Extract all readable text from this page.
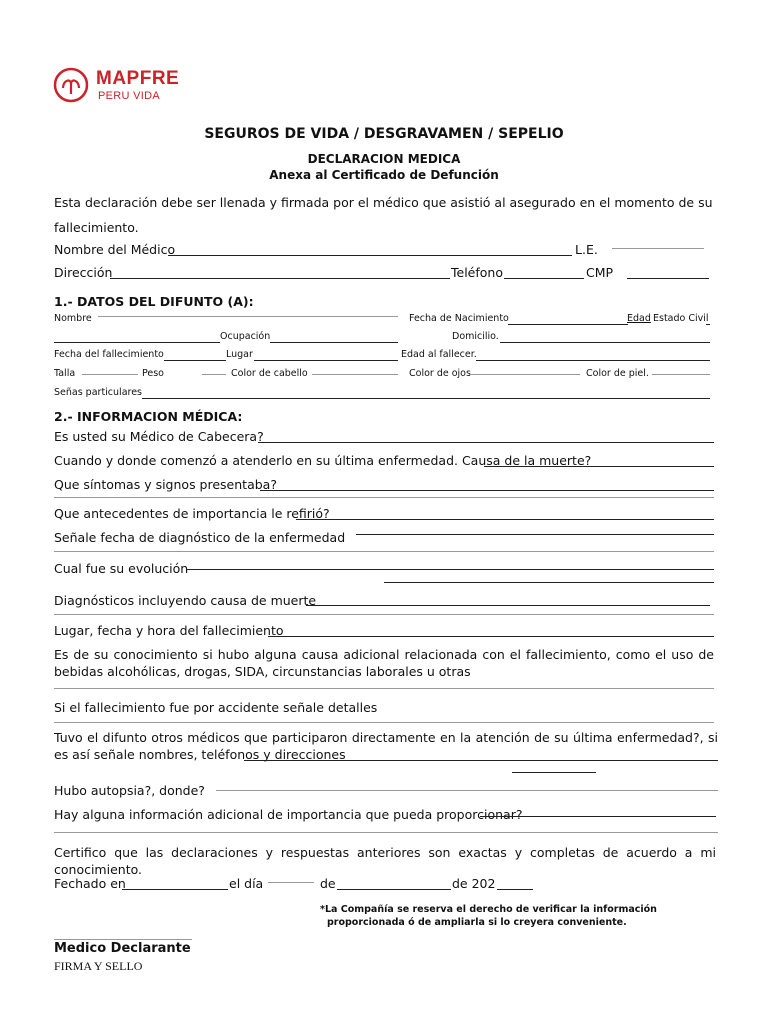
MAPFRE
PERU VIDA
SEGUROS DE VIDA / DESGRAVAMEN / SEPELIO
DECLARACION MEDICA
Anexa al Certificado de Defunción
Esta declaración debe ser llenada y firmada por el médico que asistió al asegurado en el momento de su
fallecimiento.
Nombre del Médico	L.E.
Dirección	Teléfono	CMP
1.- DATOS DEL DIFUNTO (A):
Nombre	Fecha de Nacimiento	Edad Estado Civil
Ocupación	Domicilio.
Fecha del fallecimiento	Lugar	Edad al fallecer.
Talla	Peso	Color de cabello	Color de ojos	Color de piel.
Señas particulares
2.- INFORMACION MÉDICA:
Es usted su Médico de Cabecera?
Cuando y donde comenzó a atenderlo en su última enfermedad. Causa de la muerte?
Que síntomas y signos presentaba?
Que antecedentes de importancia le refirió?
Señale fecha de diagnóstico de la enfermedad
Cual fue su evolución
Diagnósticos incluyendo causa de muerte
Lugar, fecha y hora del fallecimiento
Es de su conocimiento si hubo alguna causa adicional relacionada con el fallecimiento, como el uso de bebidas alcohólicas, drogas, SIDA, circunstancias laborales u otras
Si el fallecimiento fue por accidente señale detalles
Tuvo el difunto otros médicos que participaron directamente en la atención de su última enfermedad?, si es así señale nombres, teléfonos y direcciones
Hubo autopsia?, donde?
Hay alguna información adicional de importancia que pueda proporcionar?
Certifico que las declaraciones y respuestas anteriores son exactas y completas de acuerdo a mi conocimiento.
Fechado en	el día	de	de 202
*La Compañía se reserva el derecho de verificar la información
proporcionada ó de ampliarla si lo creyera conveniente.
Medico Declarante
FIRMA Y SELLO
